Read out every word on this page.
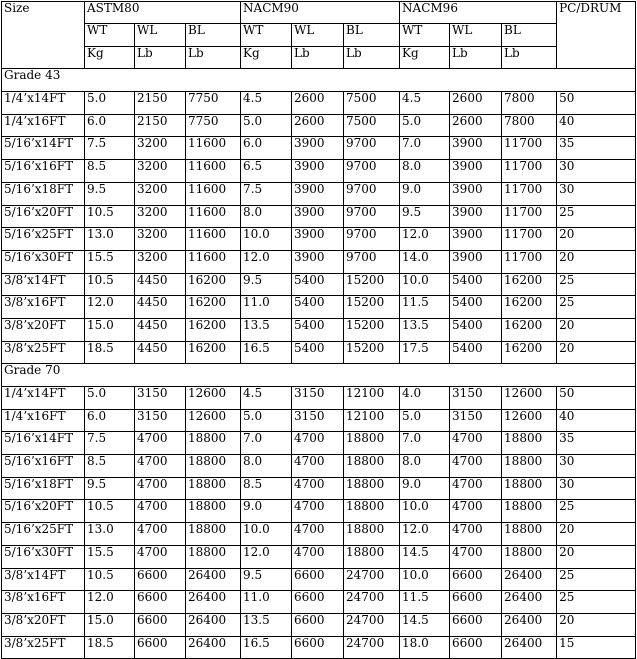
Size	ASTM80			NACM90			NACM96			PC/DRUM
	WT	WL	BL	WT	WL	BL	WT	WL	BL	
	Kg	Lb	Lb	Kg	Lb	Lb	Kg	Lb	Lb	
Grade 43										
1/4’x14FT	5.0	2150	7750	4.5	2600	7500	4.5	2600	7800	50
1/4’x16FT	6.0	2150	7750	5.0	2600	7500	5.0	2600	7800	40
5/16’x14FT	7.5	3200	11600	6.0	3900	9700	7.0	3900	11700	35
5/16’x16FT	8.5	3200	11600	6.5	3900	9700	8.0	3900	11700	30
5/16’x18FT	9.5	3200	11600	7.5	3900	9700	9.0	3900	11700	30
5/16’x20FT	10.5	3200	11600	8.0	3900	9700	9.5	3900	11700	25
5/16’x25FT	13.0	3200	11600	10.0	3900	9700	12.0	3900	11700	20
5/16’x30FT	15.5	3200	11600	12.0	3900	9700	14.0	3900	11700	20
3/8’x14FT	10.5	4450	16200	9.5	5400	15200	10.0	5400	16200	25
3/8’x16FT	12.0	4450	16200	11.0	5400	15200	11.5	5400	16200	25
3/8’x20FT	15.0	4450	16200	13.5	5400	15200	13.5	5400	16200	20
3/8’x25FT	18.5	4450	16200	16.5	5400	15200	17.5	5400	16200	20
Grade 70										
1/4’x14FT	5.0	3150	12600	4.5	3150	12100	4.0	3150	12600	50
1/4’x16FT	6.0	3150	12600	5.0	3150	12100	5.0	3150	12600	40
5/16’x14FT	7.5	4700	18800	7.0	4700	18800	7.0	4700	18800	35
5/16’x16FT	8.5	4700	18800	8.0	4700	18800	8.0	4700	18800	30
5/16’x18FT	9.5	4700	18800	8.5	4700	18800	9.0	4700	18800	30
5/16’x20FT	10.5	4700	18800	9.0	4700	18800	10.0	4700	18800	25
5/16’x25FT	13.0	4700	18800	10.0	4700	18800	12.0	4700	18800	20
5/16’x30FT	15.5	4700	18800	12.0	4700	18800	14.5	4700	18800	20
3/8’x14FT	10.5	6600	26400	9.5	6600	24700	10.0	6600	26400	25
3/8’x16FT	12.0	6600	26400	11.0	6600	24700	11.5	6600	26400	25
3/8’x20FT	15.0	6600	26400	13.5	6600	24700	14.5	6600	26400	20
3/8’x25FT	18.5	6600	26400	16.5	6600	24700	18.0	6600	26400	15
